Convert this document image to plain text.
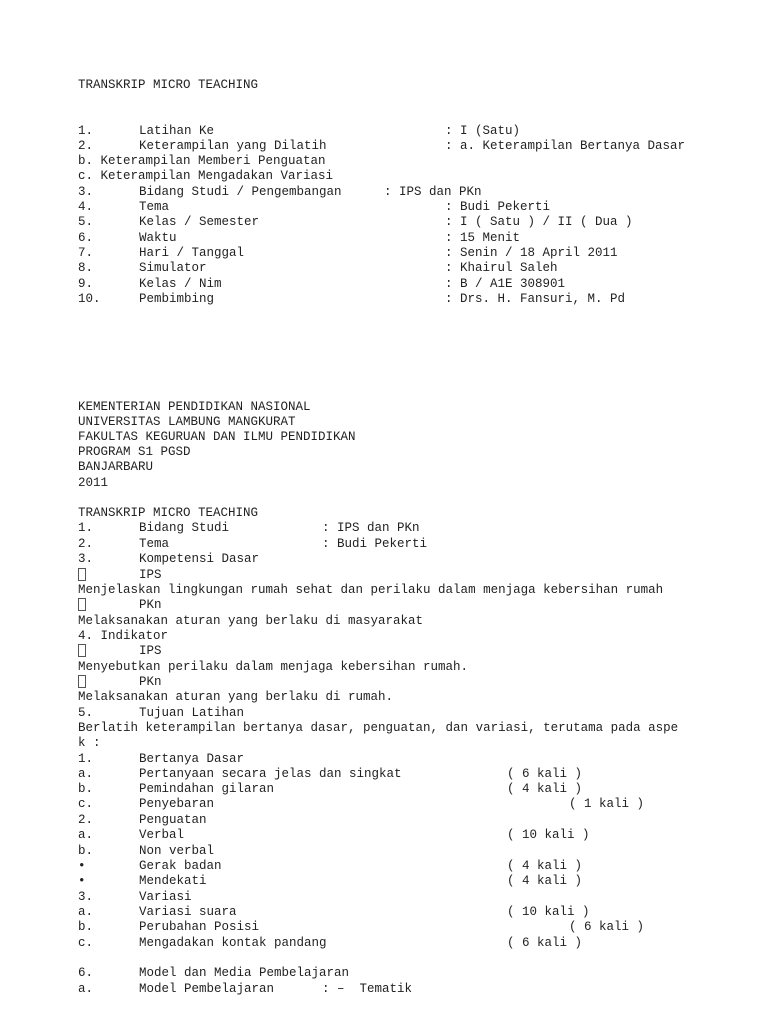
TRANSKRIP MICRO TEACHING
1.	Latihan Ke	: I (Satu)
2.	Keterampilan yang Dilatih	: a. Keterampilan Bertanya Dasar
b. Keterampilan Memberi Penguatan
c. Keterampilan Mengadakan Variasi
3.	Bidang Studi / Pengembangan	: IPS dan PKn
4.	Tema	: Budi Pekerti
5.	Kelas / Semester	: I ( Satu ) / II ( Dua )
6.	Waktu	: 15 Menit
7.	Hari / Tanggal	: Senin / 18 April 2011
8.	Simulator	: Khairul Saleh
9.	Kelas / Nim	: B / A1E 308901
10.	Pembimbing	: Drs. H. Fansuri, M. Pd
KEMENTERIAN PENDIDIKAN NASIONAL
UNIVERSITAS LAMBUNG MANGKURAT
FAKULTAS KEGURUAN DAN ILMU PENDIDIKAN
PROGRAM S1 PGSD
BANJARBARU
2011
TRANSKRIP MICRO TEACHING
1.	Bidang Studi	: IPS dan PKn
2.	Tema	: Budi Pekerti
3.	Kompetensi Dasar
IPS
Menjelaskan lingkungan rumah sehat dan perilaku dalam menjaga kebersihan rumah
PKn
Melaksanakan aturan yang berlaku di masyarakat
4. Indikator
IPS
Menyebutkan perilaku dalam menjaga kebersihan rumah.
PKn
Melaksanakan aturan yang berlaku di rumah.
5.	Tujuan Latihan
Berlatih keterampilan bertanya dasar, penguatan, dan variasi, terutama pada aspe
k :
1.	Bertanya Dasar
a.	Pertanyaan secara jelas dan singkat	( 6 kali )
b.	Pemindahan gilaran	( 4 kali )
c.	Penyebaran	( 1 kali )
2.	Penguatan
a.	Verbal	( 10 kali )
b.	Non verbal
•	Gerak badan	( 4 kali )
•	Mendekati	( 4 kali )
3.	Variasi
a.	Variasi suara	( 10 kali )
b.	Perubahan Posisi	( 6 kali )
c.	Mengadakan kontak pandang	( 6 kali )
6.	Model dan Media Pembelajaran
a.	Model Pembelajaran	: –  Tematik
